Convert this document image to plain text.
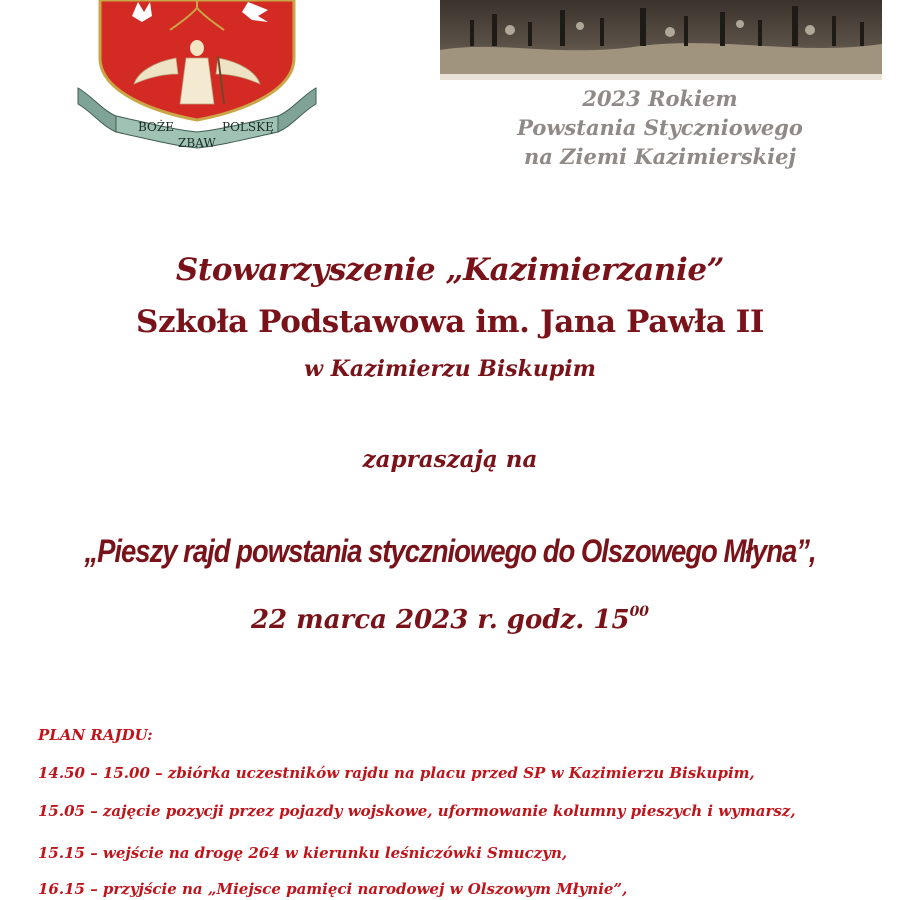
BOŻE
ZBAW
POLSKĘ
2023 Rokiem
Powstania Styczniowego
na Ziemi Kazimierskiej
Stowarzyszenie „Kazimierzanie”
Szkoła Podstawowa im. Jana Pawła II
w Kazimierzu Biskupim
zapraszają na
„Pieszy rajd powstania styczniowego do Olszowego Młyna”,
22 marca 2023 r. godz. $15^{00}$
PLAN RAJDU:
14.50 – 15.00 – zbiórka uczestników rajdu na placu przed SP w Kazimierzu Biskupim,
15.05 – zajęcie pozycji przez pojazdy wojskowe, uformowanie kolumny pieszych i wymarsz,
15.15 – wejście na drogę 264 w kierunku leśniczówki Smuczyn,
16.15 – przyjście na „Miejsce pamięci narodowej w Olszowym Młynie”,
